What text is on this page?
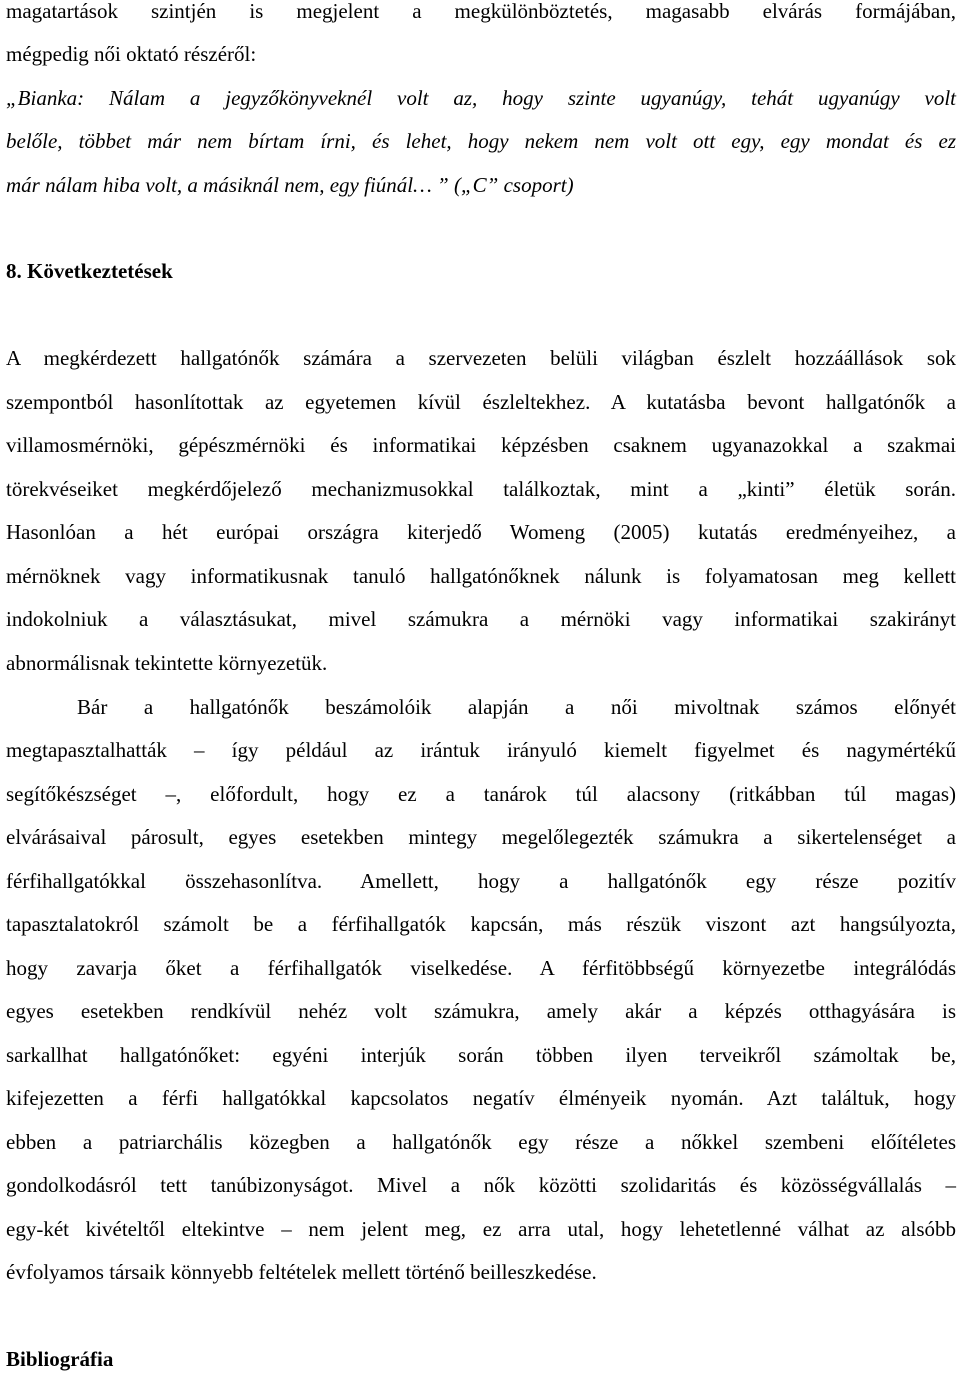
magatartások szintjén is megjelent a megkülönböztetés, magasabb elvárás formájában,
mégpedig női oktató részéről:
„Bianka: Nálam a jegyzőkönyveknél volt az, hogy szinte ugyanúgy, tehát ugyanúgy volt
belőle, többet már nem bírtam írni, és lehet, hogy nekem nem volt ott egy, egy mondat és ez
már nálam hiba volt, a másiknál nem, egy fiúnál… ” („C” csoport)
8. Következtetések
A megkérdezett hallgatónők számára a szervezeten belüli világban észlelt hozzáállások sok
szempontból hasonlítottak az egyetemen kívül észleltekhez. A kutatásba bevont hallgatónők a
villamosmérnöki, gépészmérnöki és informatikai képzésben csaknem ugyanazokkal a szakmai
törekvéseiket megkérdőjelező mechanizmusokkal találkoztak, mint a „kinti” életük során.
Hasonlóan a hét európai országra kiterjedő Womeng (2005) kutatás eredményeihez, a
mérnöknek vagy informatikusnak tanuló hallgatónőknek nálunk is folyamatosan meg kellett
indokolniuk a választásukat, mivel számukra a mérnöki vagy informatikai szakirányt
abnormálisnak tekintette környezetük.
Bár a hallgatónők beszámolóik alapján a női mivoltnak számos előnyét
megtapasztalhatták – így például az irántuk irányuló kiemelt figyelmet és nagymértékű
segítőkészséget –, előfordult, hogy ez a tanárok túl alacsony (ritkábban túl magas)
elvárásaival párosult, egyes esetekben mintegy megelőlegezték számukra a sikertelenséget a
férfihallgatókkal összehasonlítva. Amellett, hogy a hallgatónők egy része pozitív
tapasztalatokról számolt be a férfihallgatók kapcsán, más részük viszont azt hangsúlyozta,
hogy zavarja őket a férfihallgatók viselkedése. A férfitöbbségű környezetbe integrálódás
egyes esetekben rendkívül nehéz volt számukra, amely akár a képzés otthagyására is
sarkallhat hallgatónőket: egyéni interjúk során többen ilyen terveikről számoltak be,
kifejezetten a férfi hallgatókkal kapcsolatos negatív élményeik nyomán. Azt találtuk, hogy
ebben a patriarchális közegben a hallgatónők egy része a nőkkel szembeni előítéletes
gondolkodásról tett tanúbizonyságot. Mivel a nők közötti szolidaritás és közösségvállalás –
egy-két kivételtől eltekintve – nem jelent meg, ez arra utal, hogy lehetetlenné válhat az alsóbb
évfolyamos társaik könnyebb feltételek mellett történő beilleszkedése.
Bibliográfia
